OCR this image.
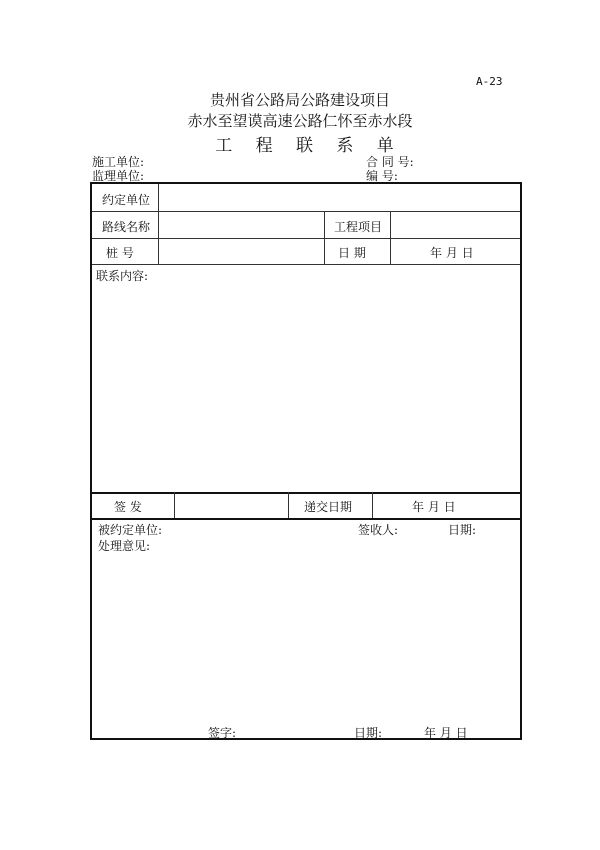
A-23
贵州省公路局公路建设项目
赤水至望谟高速公路仁怀至赤水段
工 程 联 系 单
施工单位:	合 同 号:
监理单位:	编 号:
约定单位
路线名称	工程项目
桩 号	日 期	年 月 日
联系内容:
签 发	递交日期	年 月 日
被约定单位:	签收人:	日期:
处理意见:
签字:	日期:	年 月 日
